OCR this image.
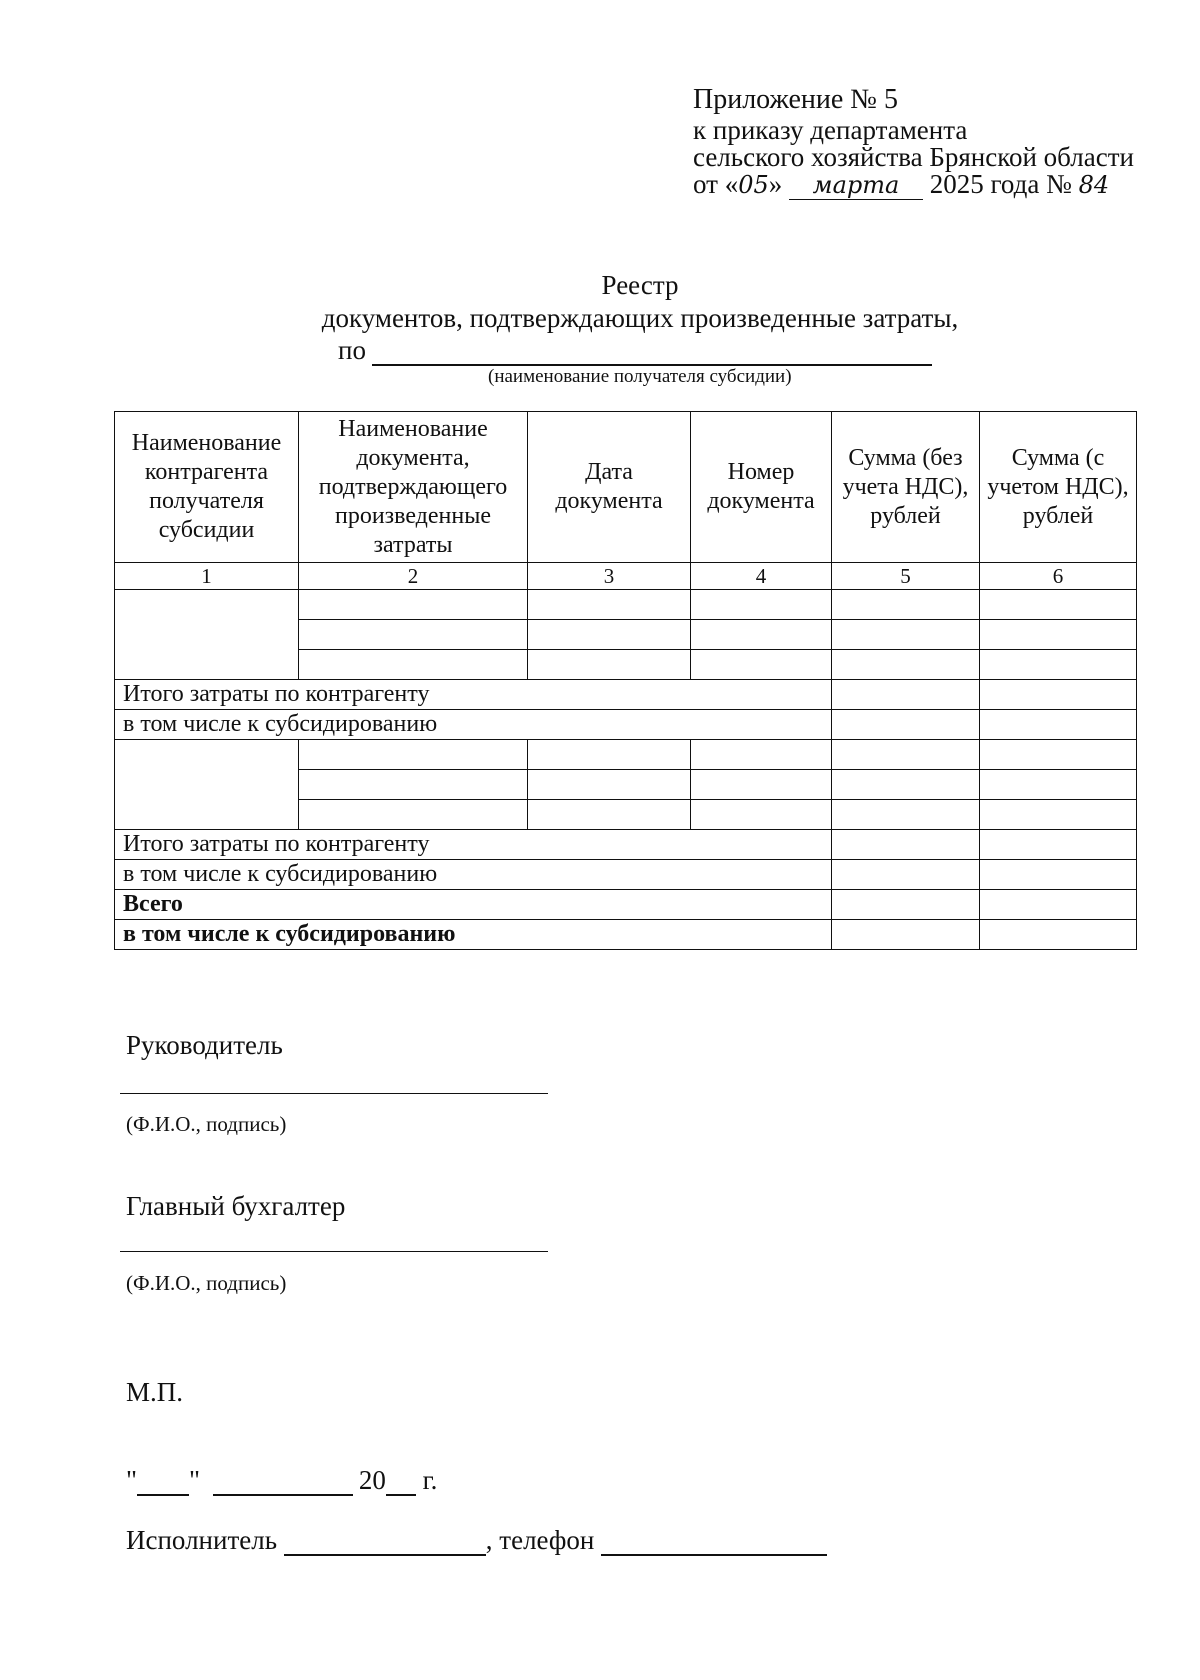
Приложение № 5
к приказу департамента
сельского хозяйства Брянской области
от «05» марта 2025 года № 84
Реестр
документов, подтверждающих произведенные затраты,
по
(наименование получателя субсидии)
Наименование контрагента получателя субсидии	Наименование документа, подтверждающего произведенные затраты	Дата документа	Номер документа	Сумма (без учета НДС), рублей	Сумма (с учетом НДС), рублей
1	2	3	4	5	6

Итого затраты по контрагенту					
в том числе к субсидированию					

Итого затраты по контрагенту					
в том числе к субсидированию					
Всего					
в том числе к субсидированию					
Руководитель
(Ф.И.О., подпись)
Главный бухгалтер
(Ф.И.О., подпись)
М.П.
" "	20 г.
Исполнитель	, телефон
